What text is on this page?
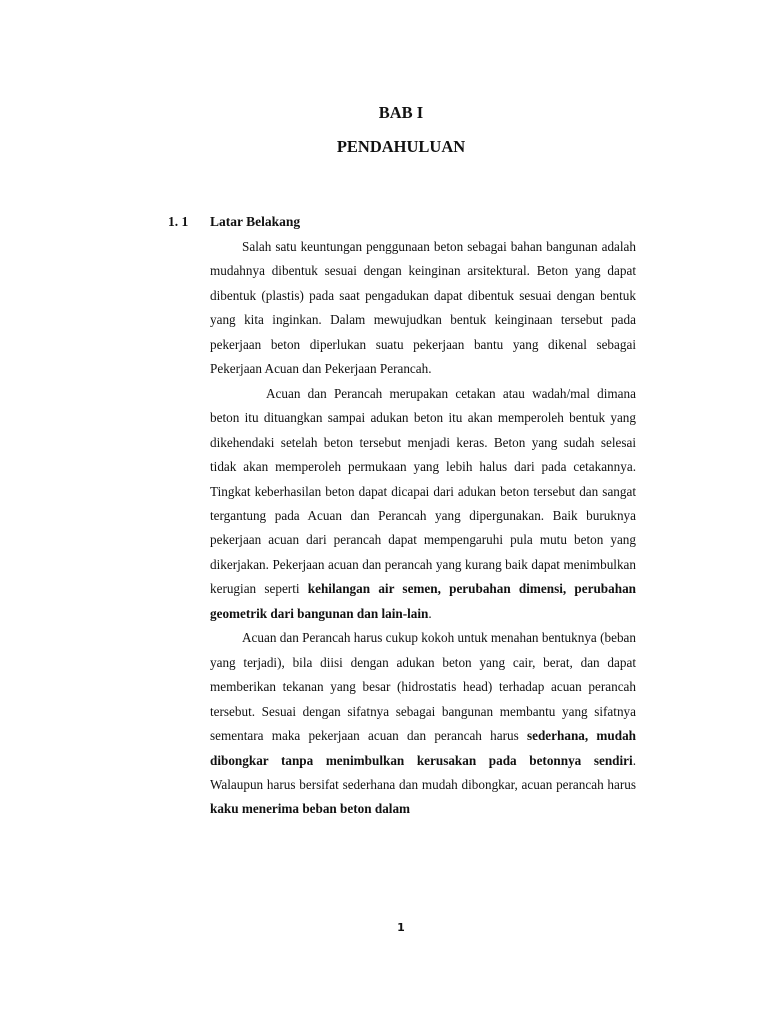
BAB I
PENDAHULUAN
1. 1 Latar Belakang

Salah satu keuntungan penggunaan beton sebagai bahan bangunan adalah mudahnya dibentuk sesuai dengan keinginan arsitektural. Beton yang dapat dibentuk (plastis) pada saat pengadukan dapat dibentuk sesuai dengan bentuk yang kita inginkan. Dalam mewujudkan bentuk keinginaan tersebut pada pekerjaan beton diperlukan suatu pekerjaan bantu yang dikenal sebagai Pekerjaan Acuan dan Pekerjaan Perancah.

Acuan dan Perancah merupakan cetakan atau wadah/mal dimana beton itu dituangkan sampai adukan beton itu akan memperoleh bentuk yang dikehendaki setelah beton tersebut menjadi keras. Beton yang sudah selesai tidak akan memperoleh permukaan yang lebih halus dari pada cetakannya. Tingkat keberhasilan beton dapat dicapai dari adukan beton tersebut dan sangat tergantung pada Acuan dan Perancah yang dipergunakan. Baik buruknya pekerjaan acuan dari perancah dapat mempengaruhi pula mutu beton yang dikerjakan. Pekerjaan acuan dan perancah yang kurang baik dapat menimbulkan kerugian seperti kehilangan air semen, perubahan dimensi, perubahan geometrik dari bangunan dan lain-lain.

Acuan dan Perancah harus cukup kokoh untuk menahan bentuknya (beban yang terjadi), bila diisi dengan adukan beton yang cair, berat, dan dapat memberikan tekanan yang besar (hidrostatis head) terhadap acuan perancah tersebut. Sesuai dengan sifatnya sebagai bangunan membantu yang sifatnya sementara maka pekerjaan acuan dan perancah harus sederhana, mudah dibongkar tanpa menimbulkan kerusakan pada betonnya sendiri. Walaupun harus bersifat sederhana dan mudah dibongkar, acuan perancah harus kaku menerima beban beton dalam

1
